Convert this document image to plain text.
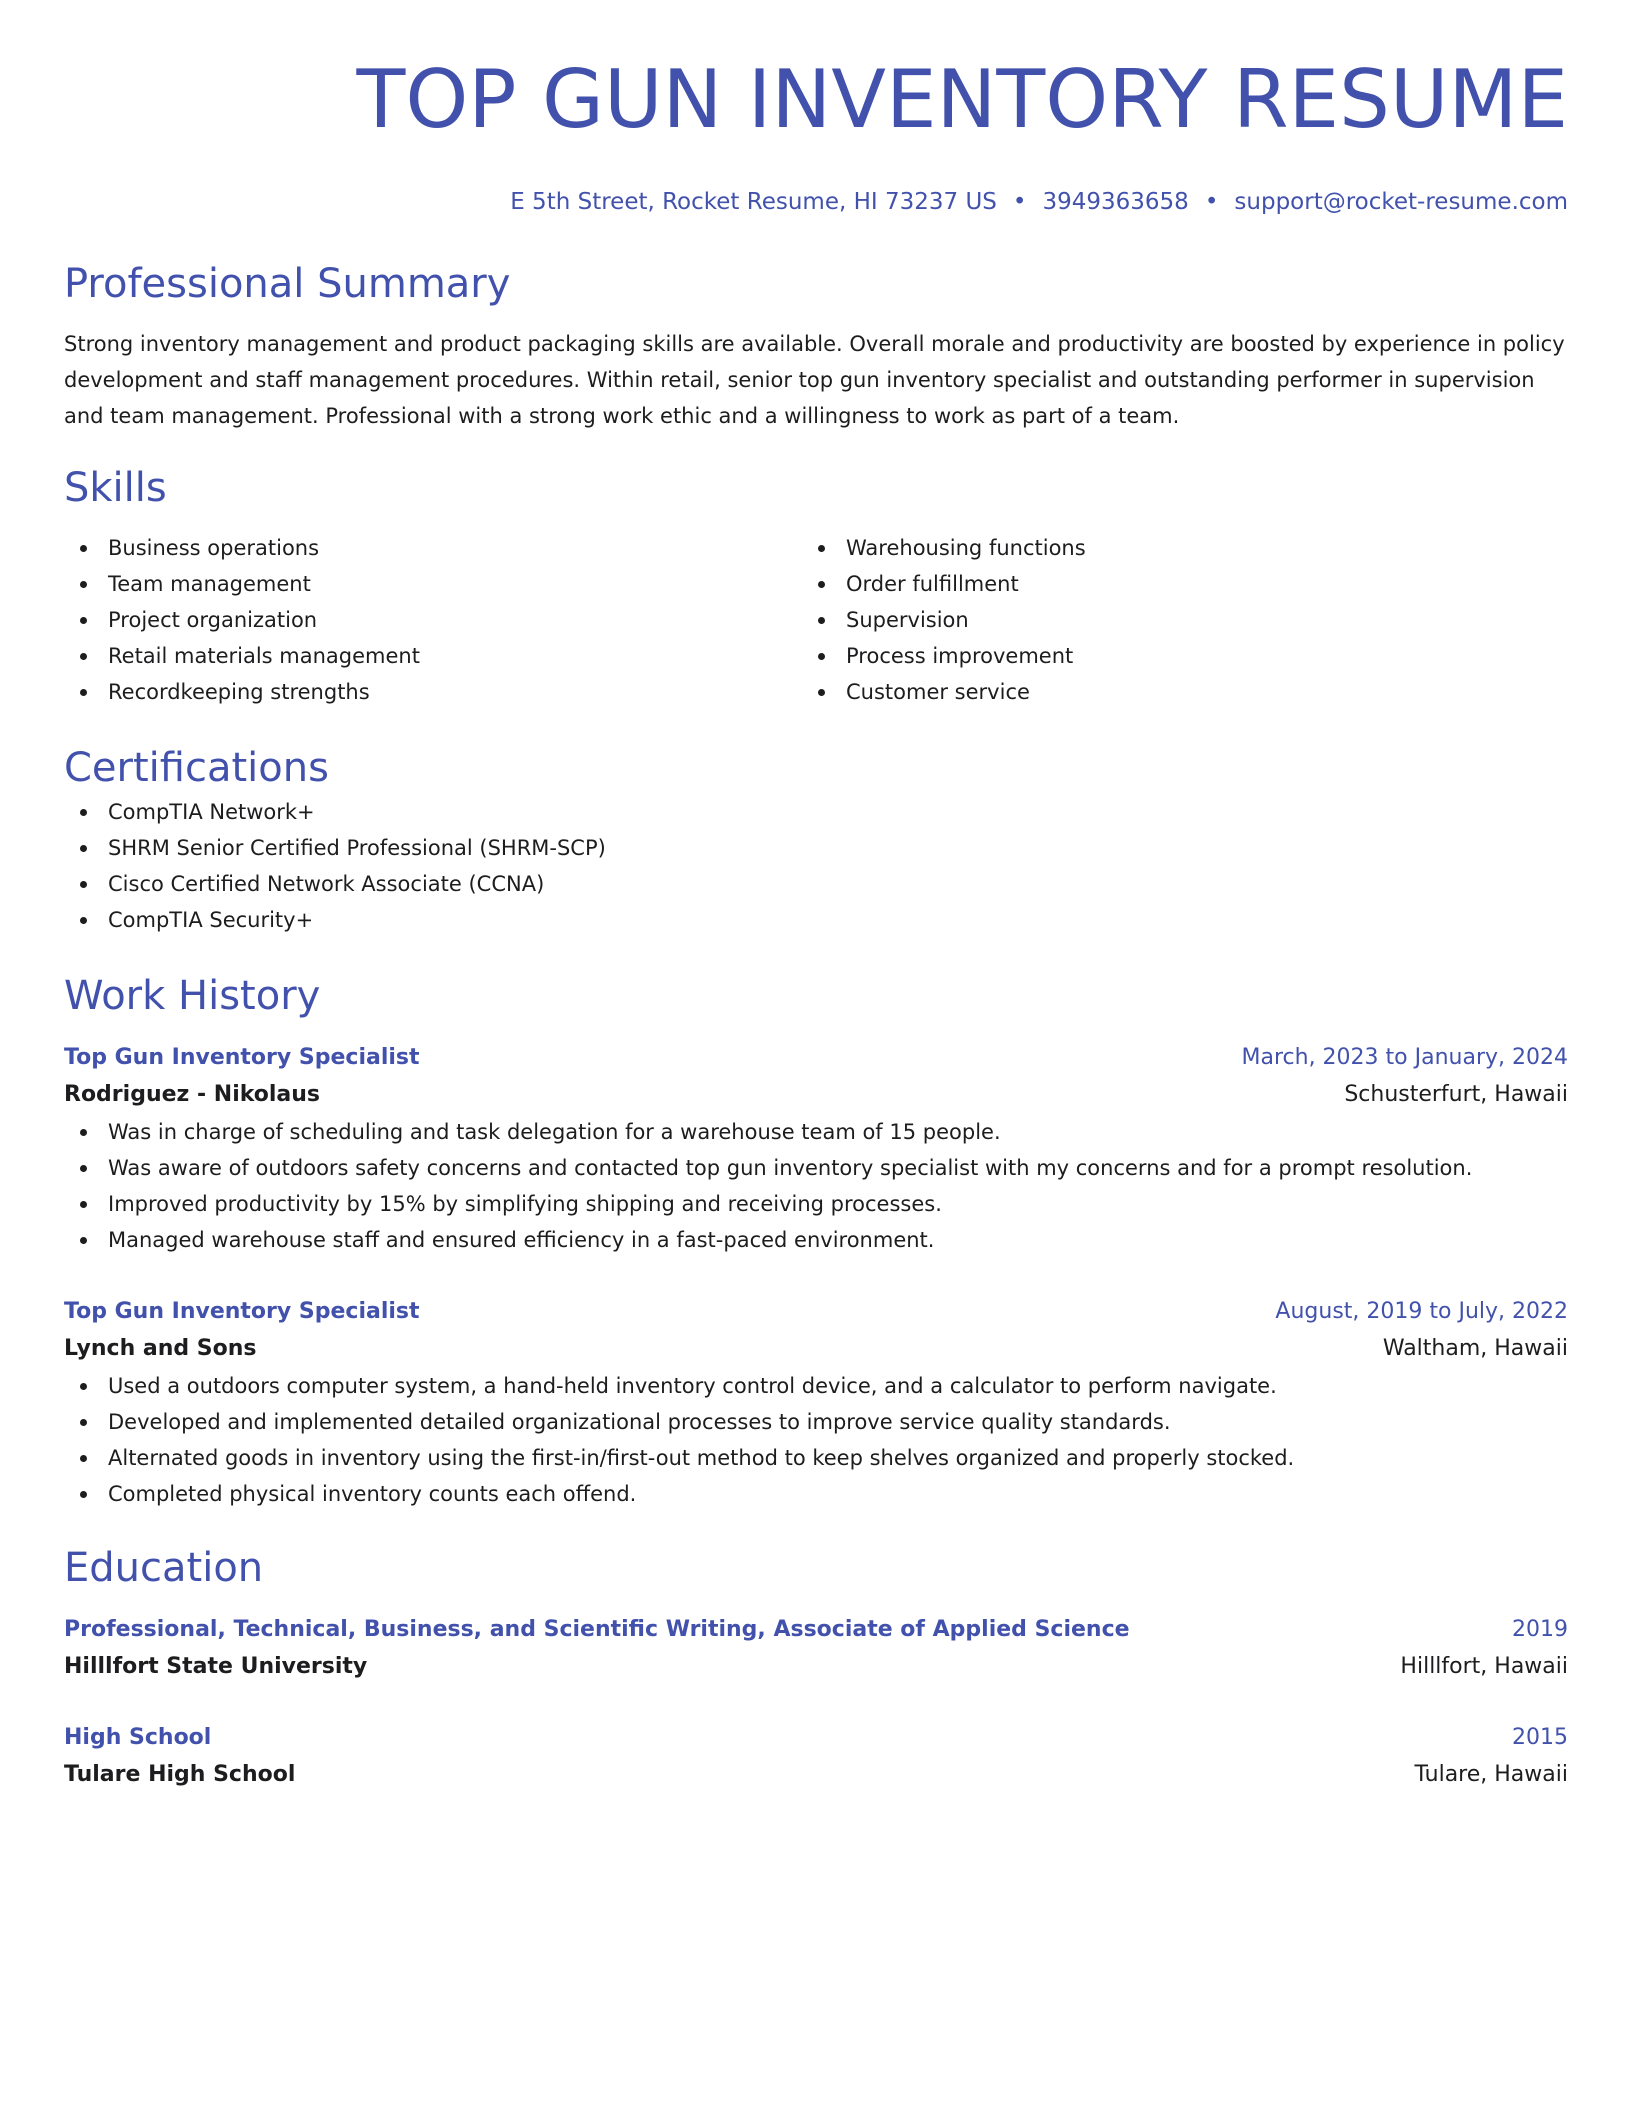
TOP GUN INVENTORY RESUME
E 5th Street, Rocket Resume, HI 73237 US • 3949363658 • support@rocket-resume.com
Professional Summary
Strong inventory management and product packaging skills are available. Overall morale and productivity are boosted by experience in policy development and staff management procedures. Within retail, senior top gun inventory specialist and outstanding performer in supervision and team management. Professional with a strong work ethic and a willingness to work as part of a team.
Skills
Business operations
Team management
Project organization
Retail materials management
Recordkeeping strengths
Warehousing functions
Order fulfillment
Supervision
Process improvement
Customer service
Certifications
CompTIA Network+
SHRM Senior Certified Professional (SHRM-SCP)
Cisco Certified Network Associate (CCNA)
CompTIA Security+
Work History
Top Gun Inventory Specialist	March, 2023 to January, 2024
Rodriguez - Nikolaus	Schusterfurt, Hawaii
Was in charge of scheduling and task delegation for a warehouse team of 15 people.
Was aware of outdoors safety concerns and contacted top gun inventory specialist with my concerns and for a prompt resolution.
Improved productivity by 15% by simplifying shipping and receiving processes.
Managed warehouse staff and ensured efficiency in a fast-paced environment.
Top Gun Inventory Specialist	August, 2019 to July, 2022
Lynch and Sons	Waltham, Hawaii
Used a outdoors computer system, a hand-held inventory control device, and a calculator to perform navigate.
Developed and implemented detailed organizational processes to improve service quality standards.
Alternated goods in inventory using the first-in/first-out method to keep shelves organized and properly stocked.
Completed physical inventory counts each offend.
Education
Professional, Technical, Business, and Scientific Writing, Associate of Applied Science	2019
Hilllfort State University	Hilllfort, Hawaii
High School	2015
Tulare High School	Tulare, Hawaii
